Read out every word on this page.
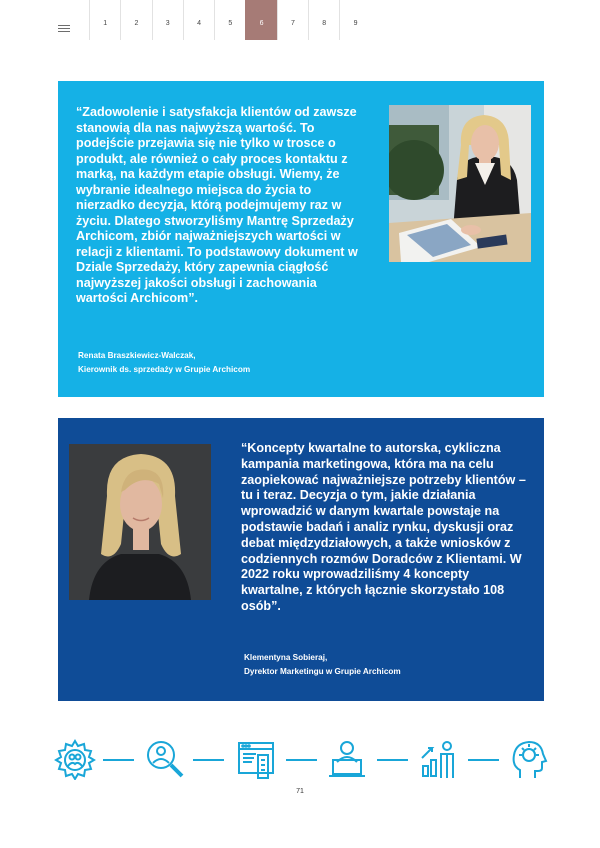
1	2	3	4	5	6	7	8	9

“Zadowolenie i satysfakcja klientów od zawsze stanowią dla nas najwyższą wartość. To podejście przejawia się nie tylko w trosce o produkt, ale również o cały proces kontaktu z marką, na każdym etapie obsługi. Wiemy, że wybranie idealnego miejsca do życia to nierzadko decyzja, którą podejmujemy raz w życiu. Dlatego stworzyliśmy Mantrę Sprzedaży Archicom, zbiór najważniejszych wartości w relacji z klientami. To podstawowy dokument w Dziale Sprzedaży, który zapewnia ciągłość najwyższej jakości obsługi i zachowania wartości Archicom”.

Renata Braszkiewicz-Walczak,
Kierownik ds. sprzedaży w Grupie Archicom

“Koncepty kwartalne to autorska, cykliczna kampania marketingowa, która ma na celu zaopiekować najważniejsze potrzeby klientów – tu i teraz. Decyzja o tym, jakie działania wprowadzić w danym kwartale powstaje na podstawie badań i analiz rynku, dyskusji oraz debat międzydziałowych, a także wniosków z codziennych rozmów Doradców z Klientami. W 2022 roku wprowadziliśmy 4 koncepty kwartalne, z których łącznie skorzystało 108 osób”.

Klementyna Sobieraj,
Dyrektor Marketingu w Grupie Archicom
71
